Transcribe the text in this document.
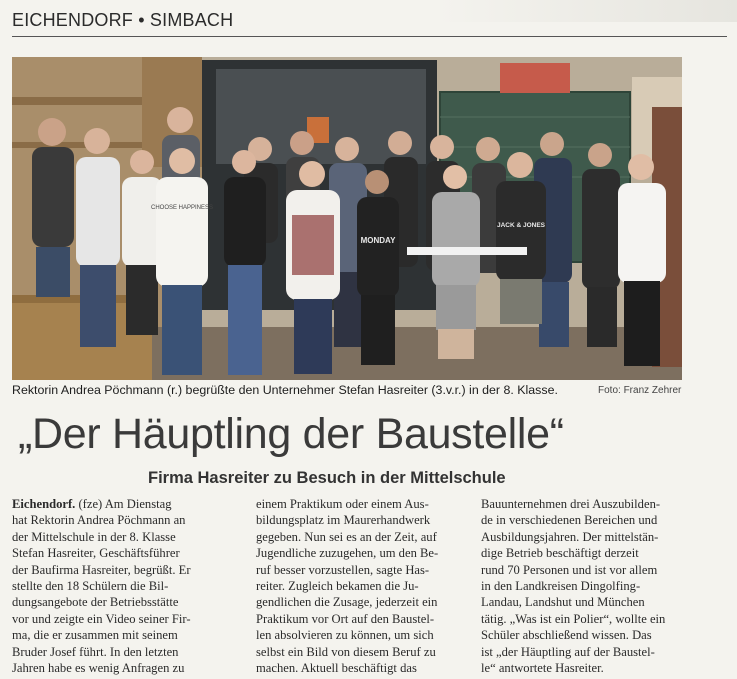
EICHENDORF • SIMBACH
CHOOSE HAPPINESS
MONDAY
JACK & JONES
Rektorin Andrea Pöchmann (r.) begrüßte den Unternehmer Stefan Hasreiter (3.v.r.) in der 8. Klasse.	Foto: Franz Zehrer
„Der Häuptling der Baustelle“
Firma Hasreiter zu Besuch in der Mittelschule

Eichendorf. (fze) Am Dienstag

hat Rektorin Andrea Pöchmann an

der Mittelschule in der 8. Klasse

Stefan Hasreiter, Geschäftsführer

der Baufirma Hasreiter, begrüßt. Er

stellte den 18 Schülern die Bil-

dungsangebote der Betriebsstätte

vor und zeigte ein Video seiner Fir-

ma, die er zusammen mit seinem

Bruder Josef führt. In den letzten

Jahren habe es wenig Anfragen zu

einem Praktikum oder einem Aus-

bildungsplatz im Maurerhandwerk

gegeben. Nun sei es an der Zeit, auf

Jugendliche zuzugehen, um den Be-

ruf besser vorzustellen, sagte Has-

reiter. Zugleich bekamen die Ju-

gendlichen die Zusage, jederzeit ein

Praktikum vor Ort auf den Baustel-

len absolvieren zu können, um sich

selbst ein Bild von diesem Beruf zu

machen. Aktuell beschäftigt das

Bauunternehmen drei Auszubilden-

de in verschiedenen Bereichen und

Ausbildungsjahren. Der mittelstän-

dige Betrieb beschäftigt derzeit

rund 70 Personen und ist vor allem

in den Landkreisen Dingolfing-

Landau, Landshut und München

tätig. „Was ist ein Polier“, wollte ein

Schüler abschließend wissen. Das

ist „der Häuptling auf der Baustel-

le“ antwortete Hasreiter.
